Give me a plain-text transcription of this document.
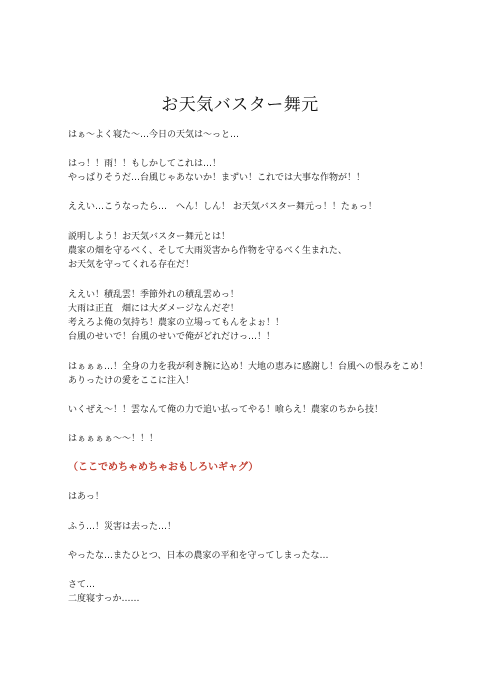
お天気バスター舞元
はぁ～よく寝た～…今日の天気は～っと…
はっ！！雨！！もしかしてこれは…！
やっぱりそうだ…台風じゃあないか！まずい！これでは大事な作物が！！
ええい…こうなったら…　へん！しん！ お天気バスター舞元っ！！たぁっ！
説明しよう！お天気バスター舞元とは！
農家の畑を守るべく、そして大雨災害から作物を守るべく生まれた、
お天気を守ってくれる存在だ！
ええい！積乱雲！季節外れの積乱雲めっ！
大雨は正直　畑には大ダメージなんだぞ！
考えろよ俺の気持ち！農家の立場ってもんをよぉ！！
台風のせいで！台風のせいで俺がどれだけっ…！！
はぁぁぁ…！全身の力を我が利き腕に込め！大地の恵みに感謝し！台風への恨みをこめ！
ありったけの愛をここに注入！
いくぜえ～！！雲なんて俺の力で追い払ってやる！喰らえ！農家のちから技！
はぁぁぁぁ～～！！！
（ここでめちゃめちゃおもしろいギャグ）
はあっ！
ふう…！災害は去った…！
やったな…またひとつ、日本の農家の平和を守ってしまったな…
さて…
二度寝すっか……
